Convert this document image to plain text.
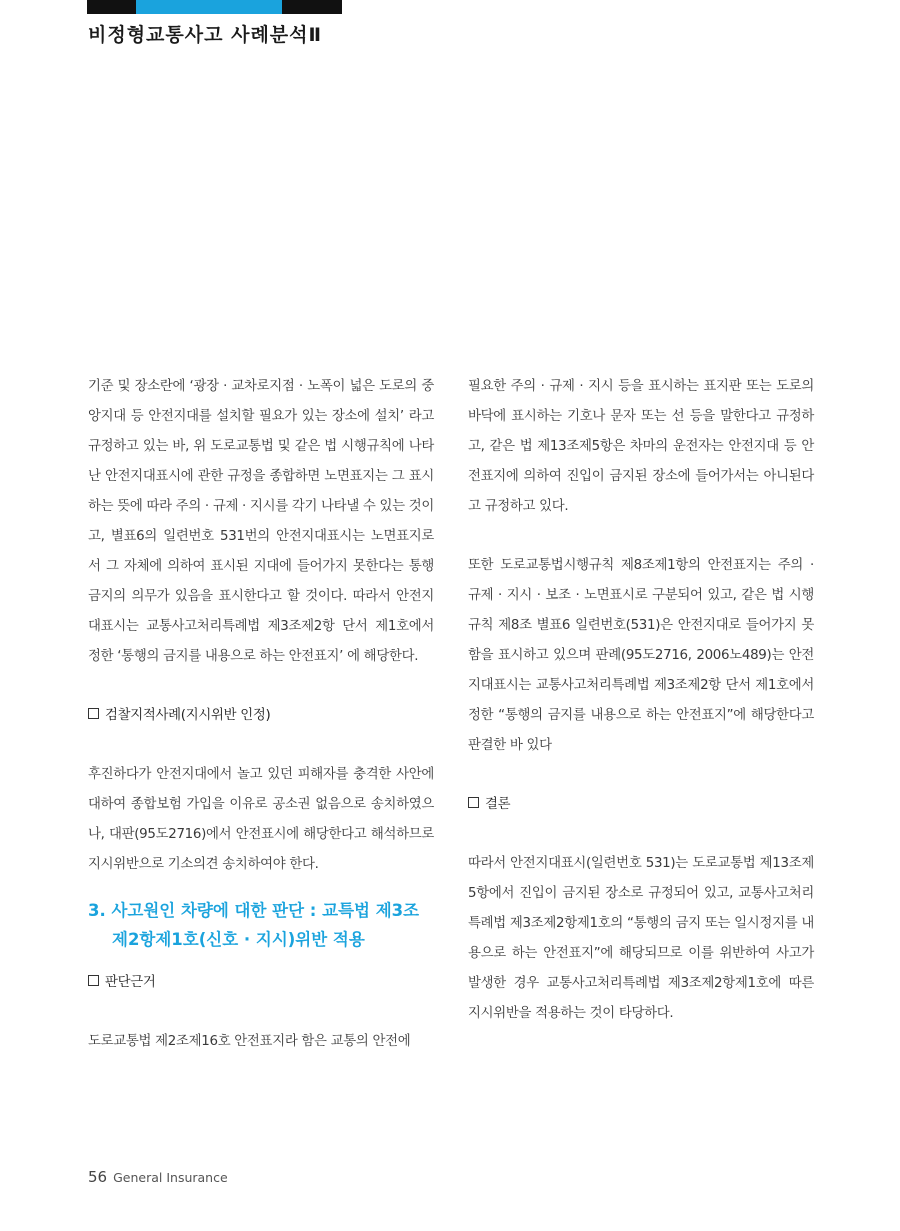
비정형교통사고 사례분석Ⅱ

기준 및 장소란에 ‘광장 · 교차로지점 · 노폭이 넓은 도로의 중앙지대 등 안전지대를 설치할 필요가 있는 장소에 설치’ 라고 규정하고 있는 바, 위 도로교통법 및 같은 법 시행규칙에 나타난 안전지대표시에 관한 규정을 종합하면 노면표지는 그 표시하는 뜻에 따라 주의 · 규제 · 지시를 각기 나타낼 수 있는 것이고, 별표6의 일련번호 531번의 안전지대표시는 노면표지로서 그 자체에 의하여 표시된 지대에 들어가지 못한다는 통행금지의 의무가 있음을 표시한다고 할 것이다. 따라서 안전지대표시는 교통사고처리특례법 제3조제2항 단서 제1호에서 정한 ‘통행의 금지를 내용으로 하는 안전표지’ 에 해당한다.

검찰지적사례(지시위반 인정)

후진하다가 안전지대에서 놀고 있던 피해자를 충격한 사안에 대하여 종합보험 가입을 이유로 공소권 없음으로 송치하였으나, 대판(95도2716)에서 안전표시에 해당한다고 해석하므로 지시위반으로 기소의견 송치하여야 한다.

3. 사고원인 차량에 대한 판단 : 교특법 제3조제2항제1호(신호 · 지시)위반 적용

판단근거

도로교통법 제2조제16호 안전표지라 함은 교통의 안전에

필요한 주의 · 규제 · 지시 등을 표시하는 표지판 또는 도로의 바닥에 표시하는 기호나 문자 또는 선 등을 말한다고 규정하고, 같은 법 제13조제5항은 차마의 운전자는 안전지대 등 안전표지에 의하여 진입이 금지된 장소에 들어가서는 아니된다고 규정하고 있다.

또한 도로교통법시행규칙 제8조제1항의 안전표지는 주의 · 규제 · 지시 · 보조 · 노면표시로 구분되어 있고, 같은 법 시행규칙 제8조 별표6 일련번호(531)은 안전지대로 들어가지 못함을 표시하고 있으며 판례(95도2716, 2006노489)는 안전지대표시는 교통사고처리특례법 제3조제2항 단서 제1호에서 정한 “통행의 금지를 내용으로 하는 안전표지”에 해당한다고 판결한 바 있다

결론

따라서 안전지대표시(일련번호 531)는 도로교통법 제13조제5항에서 진입이 금지된 장소로 규정되어 있고, 교통사고처리특례법 제3조제2항제1호의 “통행의 금지 또는 일시정지를 내용으로 하는 안전표지”에 해당되므로 이를 위반하여 사고가 발생한 경우 교통사고처리특례법 제3조제2항제1호에 따른 지시위반을 적용하는 것이 타당하다.

56 General Insurance
